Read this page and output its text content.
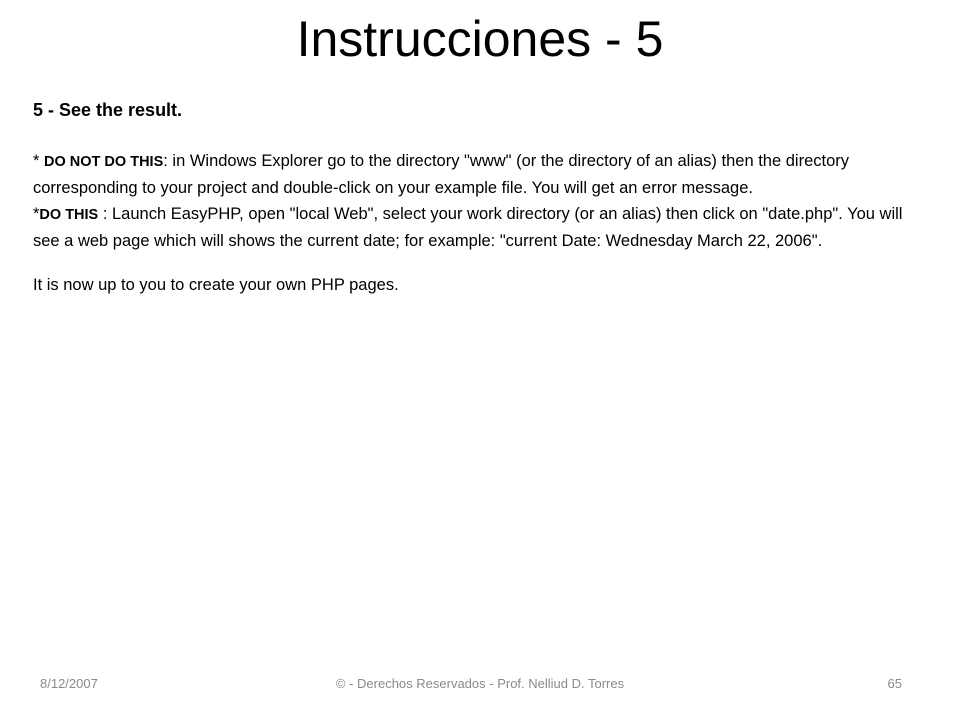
Instrucciones - 5

5 - See the result.

* DO NOT DO THIS: in Windows Explorer go to the directory "www" (or the directory of an alias) then the directory corresponding to your project and double-click on your example file. You will get an error message.

*DO THIS : Launch EasyPHP, open "local Web", select your work directory (or an alias) then click on "date.php". You will see a web page which will shows the current date; for example: "current Date: Wednesday March 22, 2006".

It is now up to you to create your own PHP pages.

8/12/2007	© - Derechos Reservados - Prof. Nelliud D. Torres	65
